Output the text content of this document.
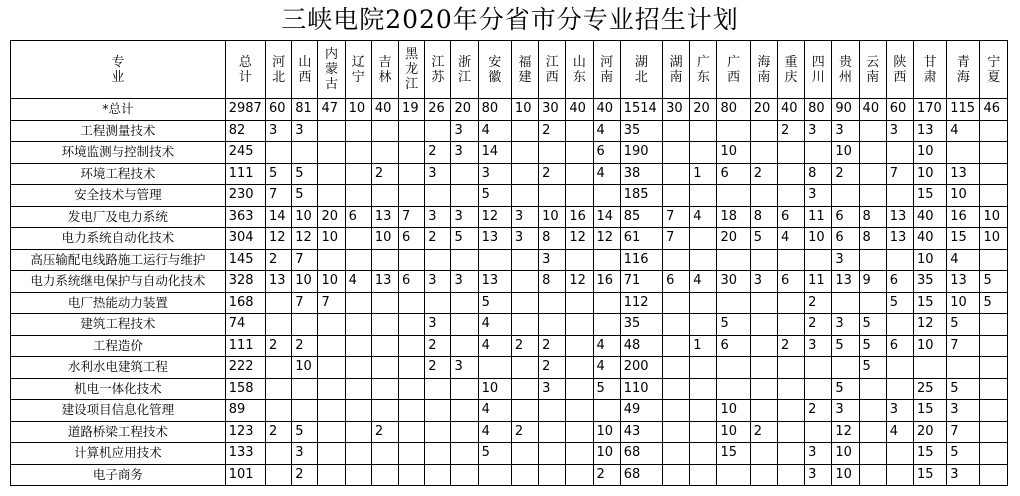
三峡电院2020年分省市分专业招生计划
专业	总计	河北	山西	内蒙古	辽宁	吉林	黑龙江	江苏	浙江	安徽	福建	江西	山东	河南	湖北	湖南	广东	广西	海南	重庆	四川	贵州	云南	陕西	甘肃	青海	宁夏
*总计	2987	60	81	47	10	40	19	26	20	80	10	30	40	40	1514	30	20	80	20	40	80	90	40	60	170	115	46
工程测量技术	82	3	3						3	4		2		4	35					2	3	3		3	13	4	
环境监测与控制技术	245							2	3	14				6	190			10				10			10		
环境工程技术	111	5	5			2		3		3		2		4	38		1	6	2		8	2		7	10	13	
安全技术与管理	230	7	5							5					185						3				15	10	
发电厂及电力系统	363	14	10	20	6	13	7	3	3	12	3	10	16	14	85	7	4	18	8	6	11	6	8	13	40	16	10
电力系统自动化技术	304	12	12	10		10	6	2	5	13	3	8	12	12	61	7		20	5	4	10	6	8	13	40	15	10
高压输配电线路施工运行与维护	145	2	7									3			116							3			10	4	
电力系统继电保护与自动化技术	328	13	10	10	4	13	6	3	3	13		8	12	16	71	6	4	30	3	6	11	13	9	6	35	13	5
电厂热能动力装置	168		7	7						5					112						2			5	15	10	5
建筑工程技术	74							3		4					35			5			2	3	5		12	5	
工程造价	111	2	2					2		4	2	2		4	48		1	6		2	3	5	5	6	10	7	
水利水电建筑工程	222		10					2	3			2		4	200								5				
机电一体化技术	158									10		3		5	110							5			25	5	
建设项目信息化管理	89									4					49			10			2	3		3	15	3	
道路桥梁工程技术	123	2	5			2				4	2			10	43			10	2			12		4	20	7	
计算机应用技术	133		3							5				10	68			15			3	10			15	5	
电子商务	101		2											2	68						3	10			15	3	
